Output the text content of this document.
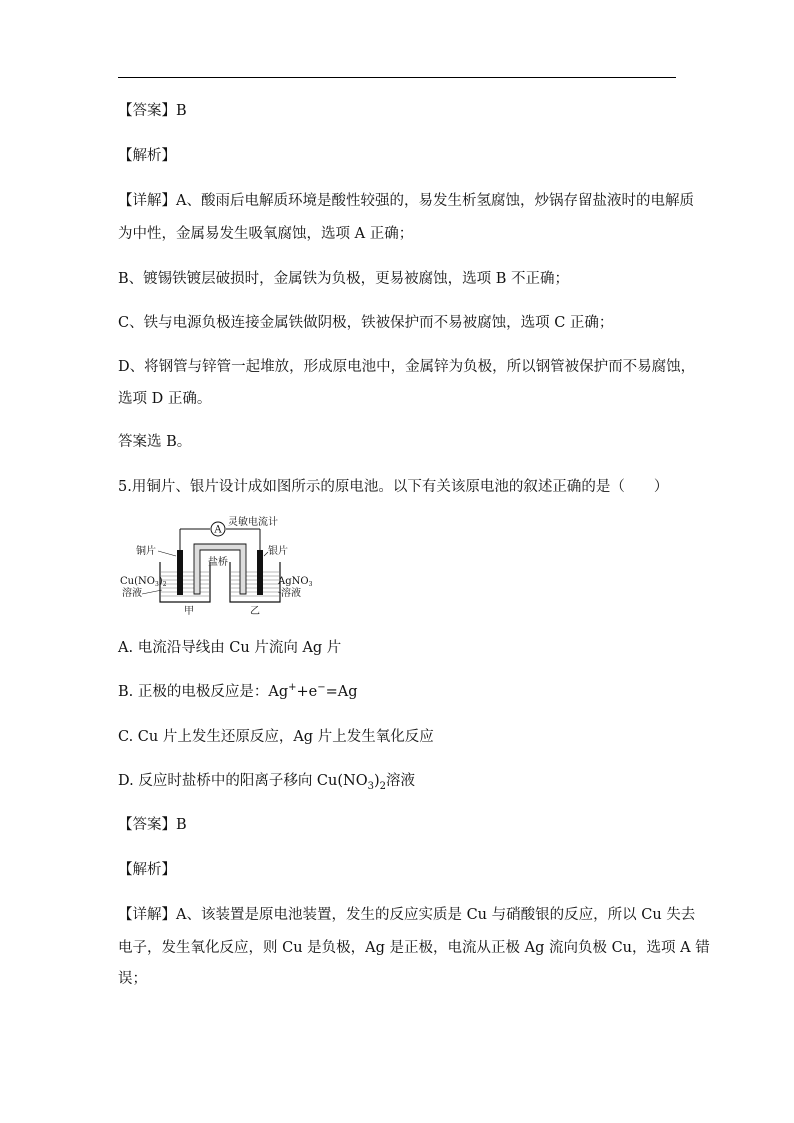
【答案】B
【解析】
【详解】A、酸雨后电解质环境是酸性较强的，易发生析氢腐蚀，炒锅存留盐液时的电解质
为中性，金属易发生吸氧腐蚀，选项 A 正确；
B、镀锡铁镀层破损时，金属铁为负极，更易被腐蚀，选项 B 不正确；
C、铁与电源负极连接金属铁做阴极，铁被保护而不易被腐蚀，选项 C 正确；
D、将钢管与锌管一起堆放，形成原电池中，金属锌为负极，所以钢管被保护而不易腐蚀，
选项 D 正确。
答案选 B。
5.用铜片、银片设计成如图所示的原电池。以下有关该原电池的叙述正确的是（　　）
A
灵敏电流计
铜片	银片
盐桥
$Cu(NO_3)_2$
溶液
AgNO$_3$
溶液
甲	乙
A. 电流沿导线由 Cu 片流向 Ag 片
B. 正极的电极反应是：Ag++e−=Ag
C. Cu 片上发生还原反应，Ag 片上发生氧化反应
D. 反应时盐桥中的阳离子移向 $Cu(NO_3)_2$溶液
【答案】B
【解析】
【详解】A、该装置是原电池装置，发生的反应实质是 Cu 与硝酸银的反应，所以 Cu 失去
电子，发生氧化反应，则 Cu 是负极，Ag 是正极，电流从正极 Ag 流向负极 Cu，选项 A 错
误；
